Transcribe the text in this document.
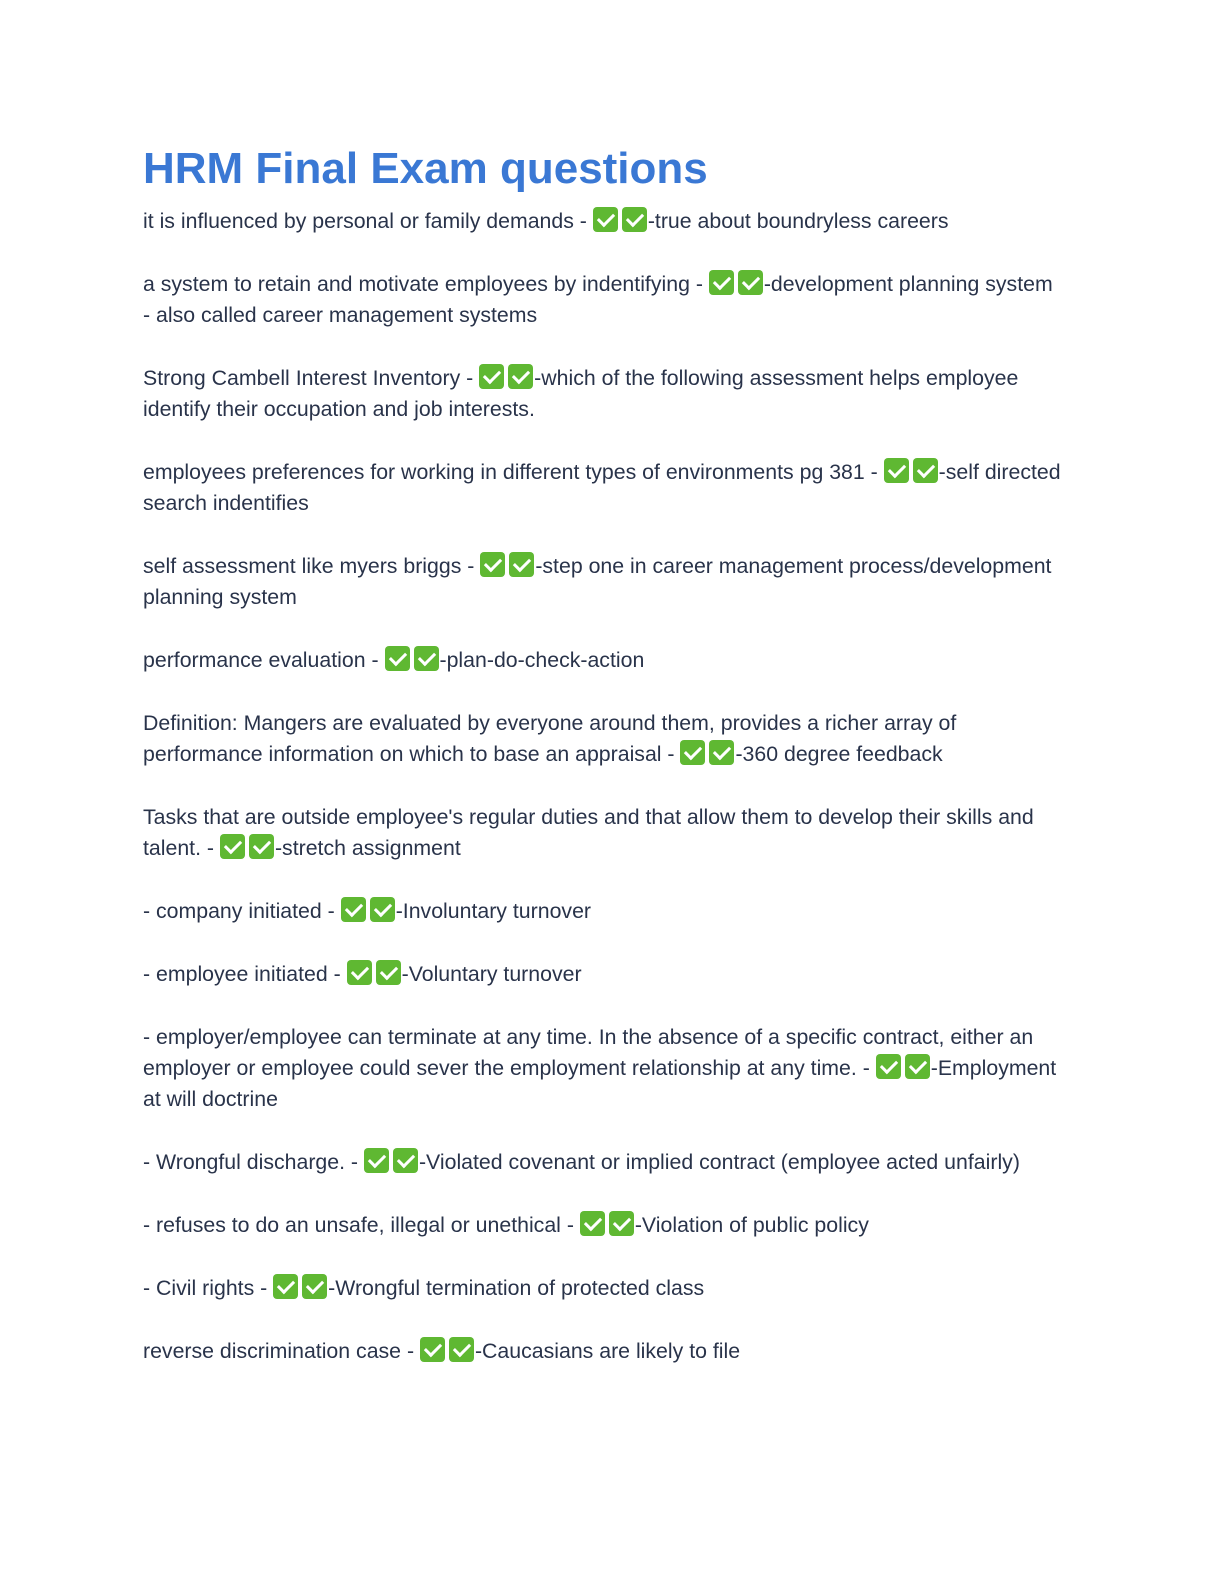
HRM Final Exam questions

it is influenced by personal or family demands -	-true about boundryless careers

a system to retain and motivate employees by indentifying -	-development planning system - also called career management systems

Strong Cambell Interest Inventory -	-which of the following assessment helps employee identify their occupation and job interests.

employees preferences for working in different types of environments pg 381 -	-self directed search indentifies

self assessment like myers briggs -	-step one in career management process/development planning system

performance evaluation -	-plan-do-check-action

Definition: Mangers are evaluated by everyone around them, provides a richer array of performance information on which to base an appraisal -	-360 degree feedback

Tasks that are outside employee's regular duties and that allow them to develop their skills and talent. -	-stretch assignment

- company initiated -	-Involuntary turnover

- employee initiated -	-Voluntary turnover

- employer/employee can terminate at any time. In the absence of a specific contract, either an employer or employee could sever the employment relationship at any time. -	-Employment at will doctrine

- Wrongful discharge. -	-Violated covenant or implied contract (employee acted unfairly)

- refuses to do an unsafe, illegal or unethical -	-Violation of public policy

- Civil rights -	-Wrongful termination of protected class

reverse discrimination case -	-Caucasians are likely to file
